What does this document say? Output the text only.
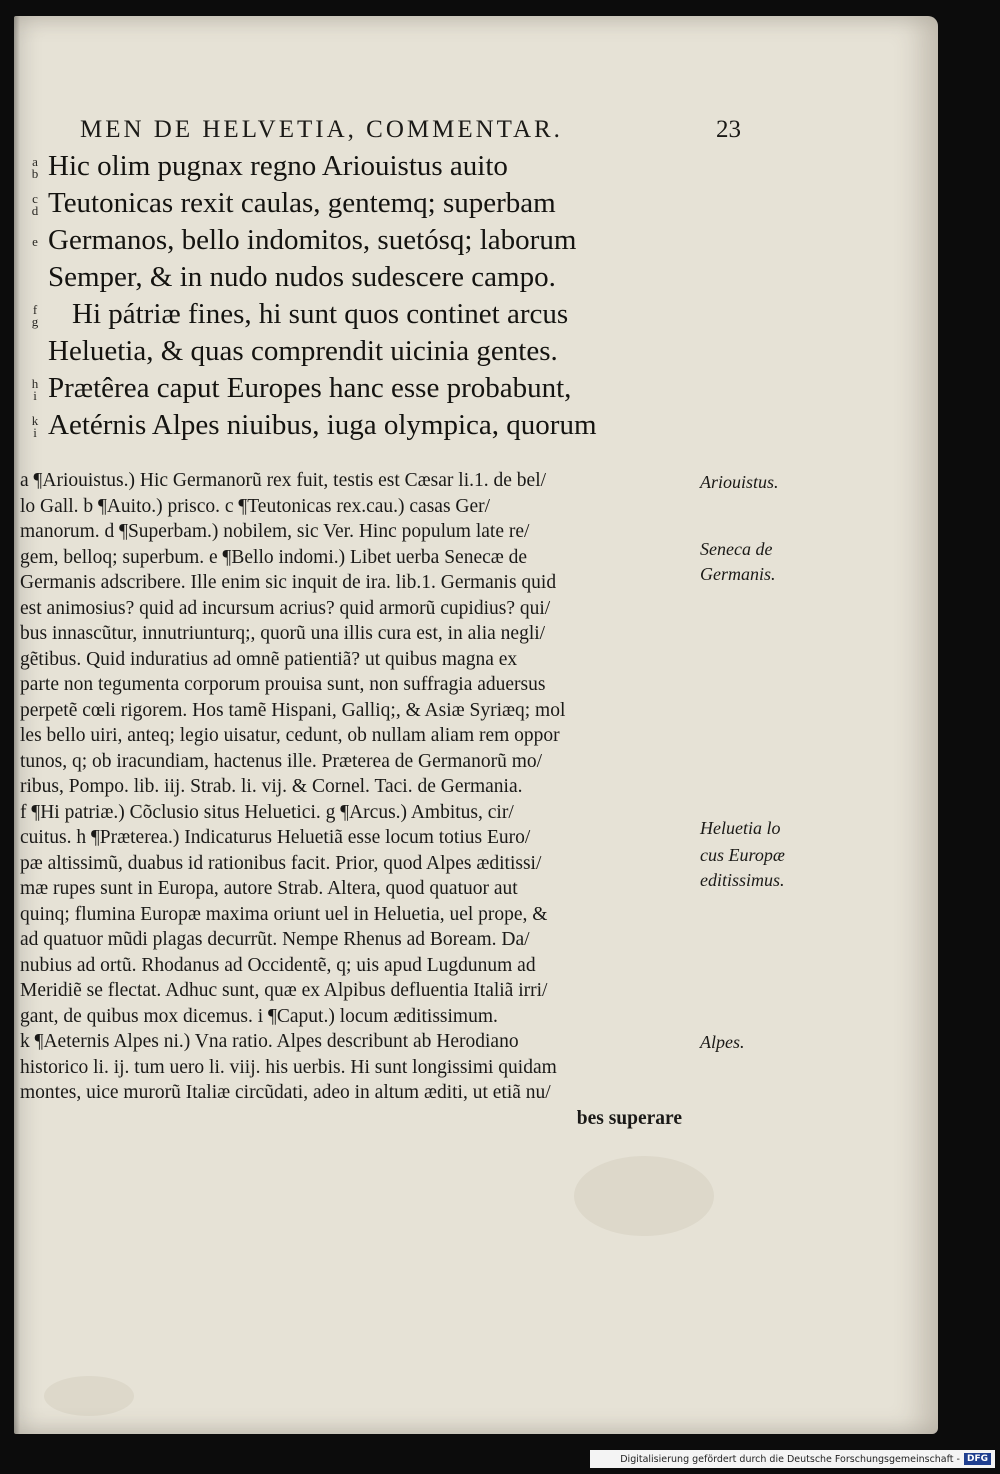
MEN DE HELVETIA, COMMENTAR.	23
a
b Hic olim pugnax regno Ariouistus auito
c
d Teutonicas rexit caulas, gentemq; superbam
e Germanos, bello indomitos, suetósq; laborum
Semper, & in nudo nudos sudescere campo.
f
g Hi pátriæ fines, hi sunt quos continet arcus
Heluetia, & quas comprendit uicinia gentes.
h
i Prætêrea caput Europes hanc esse probabunt,
k
i Aetérnis Alpes niuibus, iuga olympica, quorum
a ¶Ariouistus.) Hic Germanorũ rex fuit, testis est Cæsar li.1. de bel/
lo Gall. b ¶Auito.) prisco. c ¶Teutonicas rex.cau.) casas Ger/
manorum. d ¶Superbam.) nobilem, sic Ver. Hinc populum late re/
gem, belloq; superbum. e ¶Bello indomi.) Libet uerba Senecæ de
Germanis adscribere. Ille enim sic inquit de ira. lib.1. Germanis quid
est animosius? quid ad incursum acrius? quid armorũ cupidius? qui/
bus innascũtur, innutriunturq;, quorũ una illis cura est, in alia negli/
gẽtibus. Quid induratius ad omnẽ patientiã? ut quibus magna ex
parte non tegumenta corporum prouisa sunt, non suffragia aduersus
perpetẽ cœli rigorem. Hos tamẽ Hispani, Galliq;, & Asiæ Syriæq; mol
les bello uiri, anteq; legio uisatur, cedunt, ob nullam aliam rem oppor
tunos, q; ob iracundiam, hactenus ille. Præterea de Germanorũ mo/
ribus, Pompo. lib. iij. Strab. li. vij. & Cornel. Taci. de Germania.
f ¶Hi patriæ.) Cõclusio situs Heluetici. g ¶Arcus.) Ambitus, cir/
cuitus. h ¶Præterea.) Indicaturus Heluetiã esse locum totius Euro/
pæ altissimũ, duabus id rationibus facit. Prior, quod Alpes æditissi/
mæ rupes sunt in Europa, autore Strab. Altera, quod quatuor aut
quinq; flumina Europæ maxima oriunt uel in Heluetia, uel prope, &
ad quatuor mũdi plagas decurrũt. Nempe Rhenus ad Boream. Da/
nubius ad ortũ. Rhodanus ad Occidentẽ, q; uis apud Lugdunum ad
Meridiẽ se flectat. Adhuc sunt, quæ ex Alpibus defluentia Italiã irri/
gant, de quibus mox dicemus. i ¶Caput.) locum æditissimum.
k ¶Aeternis Alpes ni.) Vna ratio. Alpes describunt ab Herodiano
historico li. ij. tum uero li. viij. his uerbis. Hi sunt longissimi quidam
montes, uice murorũ Italiæ circũdati, adeo in altum æditi, ut etiã nu/
bes superare
Ariouistus.
Seneca de
Germanis.
Heluetia lo
cus Europæ
editissimus.
Alpes.
Digitalisierung gefördert durch die Deutsche Forschungsgemeinschaft - DFG
